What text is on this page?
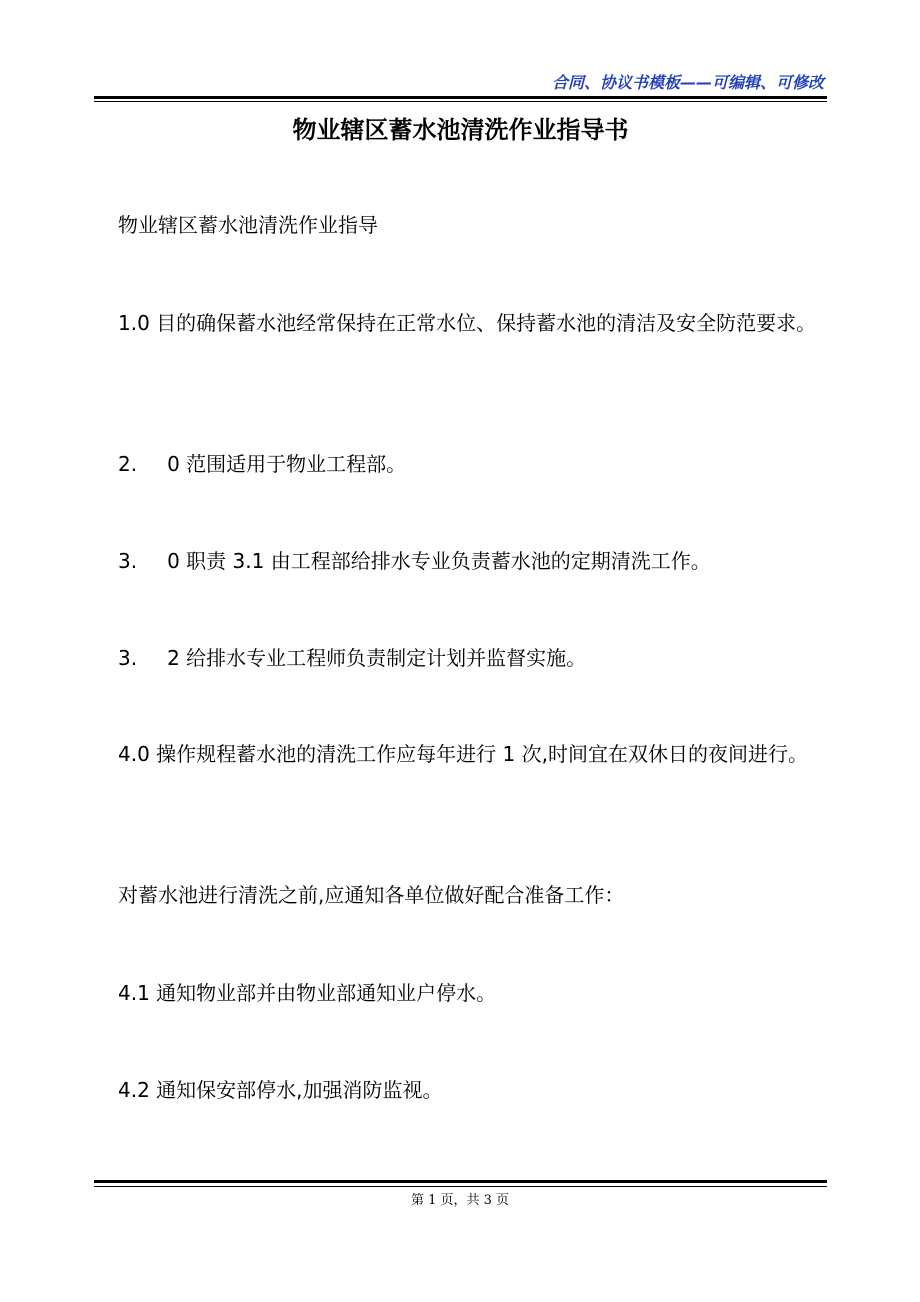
合同、协议书模板——可编辑、可修改
物业辖区蓄水池清洗作业指导书

物业辖区蓄水池清洗作业指导

1.0 目的确保蓄水池经常保持在正常水位、保持蓄水池的清洁及安全防范要求。

2. 0 范围适用于物业工程部。

3. 0 职责 3.1 由工程部给排水专业负责蓄水池的定期清洗工作。

3. 2 给排水专业工程师负责制定计划并监督实施。

4.0 操作规程蓄水池的清洗工作应每年进行 1 次,时间宜在双休日的夜间进行。

对蓄水池进行清洗之前,应通知各单位做好配合准备工作：

4.1 通知物业部并由物业部通知业户停水。

4.2 通知保安部停水,加强消防监视。

第 1 页，共 3 页
